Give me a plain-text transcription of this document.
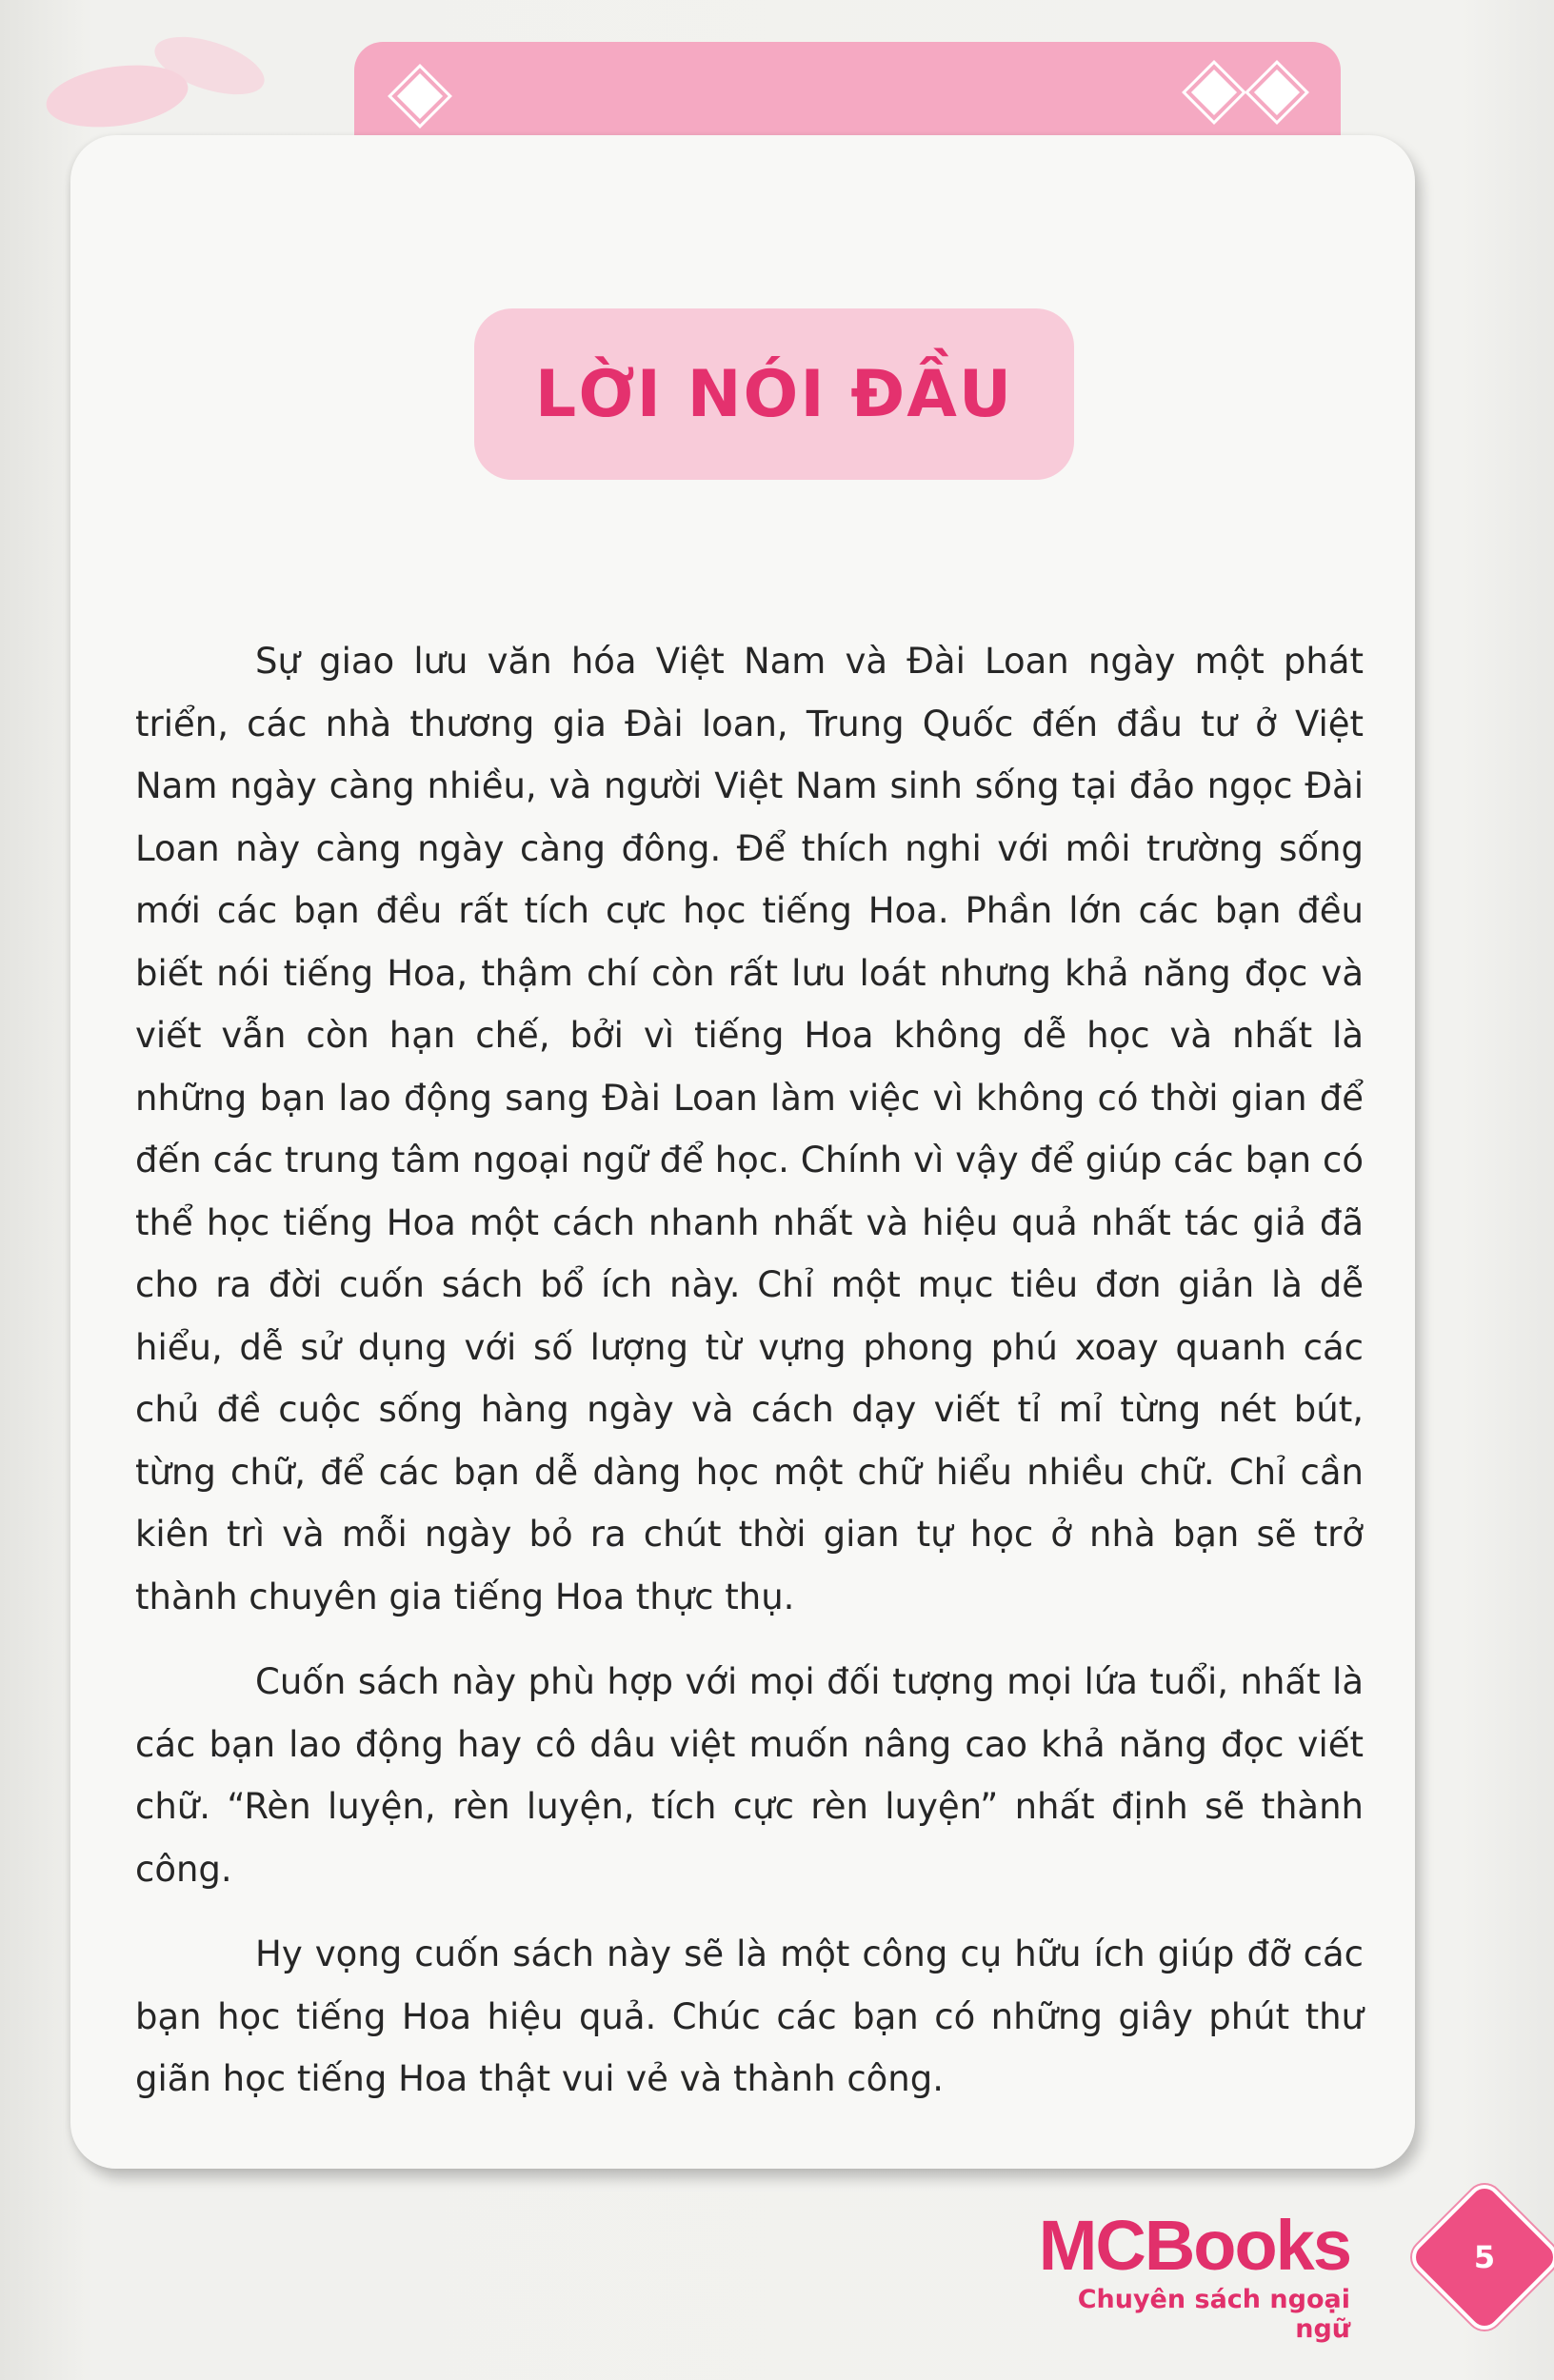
LỜI NÓI ĐẦU

Sự giao lưu văn hóa Việt Nam và Đài Loan ngày một phát triển, các nhà thương gia Đài loan, Trung Quốc đến đầu tư ở Việt Nam ngày càng nhiều, và người Việt Nam sinh sống tại đảo ngọc Đài Loan này càng ngày càng đông. Để thích nghi với môi trường sống mới các bạn đều rất tích cực học tiếng Hoa. Phần lớn các bạn đều biết nói tiếng Hoa, thậm chí còn rất lưu loát nhưng khả năng đọc và viết vẫn còn hạn chế, bởi vì tiếng Hoa không dễ học và nhất là những bạn lao động sang Đài Loan làm việc vì không có thời gian để đến các trung tâm ngoại ngữ để học. Chính vì vậy để giúp các bạn có thể học tiếng Hoa một cách nhanh nhất và hiệu quả nhất tác giả đã cho ra đời cuốn sách bổ ích này. Chỉ một mục tiêu đơn giản là dễ hiểu, dễ sử dụng với số lượng từ vựng phong phú xoay quanh các chủ đề cuộc sống hàng ngày và cách dạy viết tỉ mỉ từng nét bút, từng chữ, để các bạn dễ dàng học một chữ hiểu nhiều chữ. Chỉ cần kiên trì và mỗi ngày bỏ ra chút thời gian tự học ở nhà bạn sẽ trở thành chuyên gia tiếng Hoa thực thụ.

Cuốn sách này phù hợp với mọi đối tượng mọi lứa tuổi, nhất là các bạn lao động hay cô dâu việt muốn nâng cao khả năng đọc viết chữ. “Rèn luyện, rèn luyện, tích cực rèn luyện” nhất định sẽ thành công.

Hy vọng cuốn sách này sẽ là một công cụ hữu ích giúp đỡ các bạn học tiếng Hoa hiệu quả. Chúc các bạn có những giây phút thư giãn học tiếng Hoa thật vui vẻ và thành công.

MCBooks
Chuyên sách ngoại ngữ
5
